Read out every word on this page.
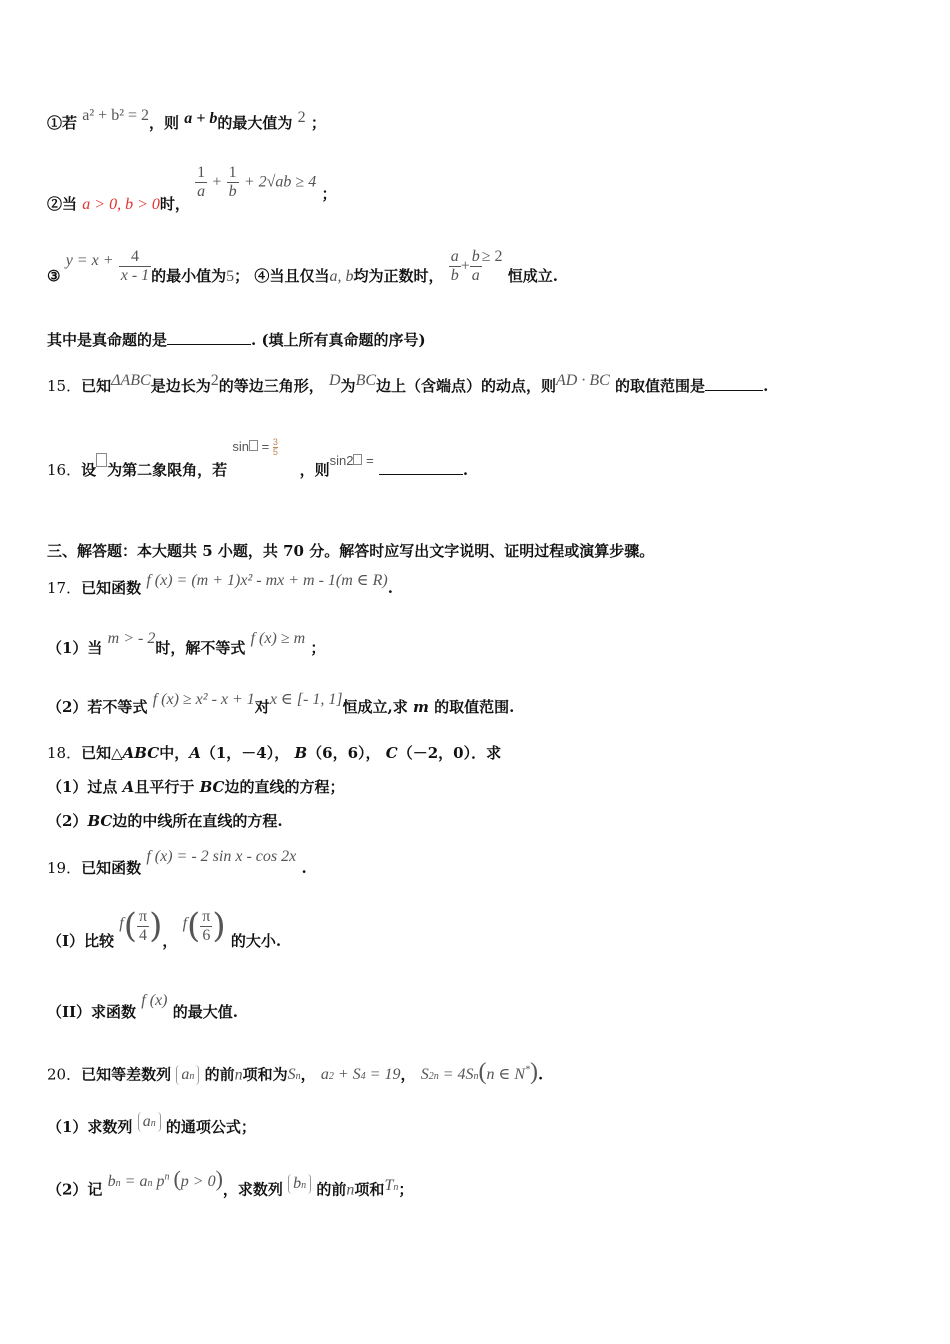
①若 a² + b² = 2，则 a + b的最大值为 2 ；
②当 a > 0, b > 0时，
$\frac{1}{a} + \frac{1}{b} + 2√ab \ge 4$ ；
③ $y = x + \frac{4}{x - 1}$ 的最小值为5； ④当且仅当a, b均为正数时， $\frac{a}{b} + \frac{b}{a} \ge 2$ 恒成立.
其中是真命题的是	. (填上所有真命题的序号)
15．已知ΔABC是边长为2的等边三角形， D为BC边上（含端点）的动点，则AD · BC 的取值范围是	.
16．设 为第二象限角，若 $\sin = \frac{3}{5}$
，则sin2 = .
三、解答题：本大题共 5 小题，共 70 分。解答时应写出文字说明、证明过程或演算步骤。
17．已知函数 f (x) = (m + 1)x² - mx + m - 1(m ∈ R).
（1）当 m > - 2时，解不等式 f (x) ≥ m ；
（2）若不等式 f (x) ≥ x² - x + 1对x ∈ [- 1, 1]恒成立,求 m 的取值范围.
18．已知△ABC中，A（1，－4）， B（6，6）， C（－2，0）．求
（1）过点 A且平行于 BC边的直线的方程；
（2）BC边的中线所在直线的方程.
19．已知函数 f (x) = - 2 sin x - cos 2x .
（I）比较 $f( \frac{\pi}{4}$ )， $f( \frac{\pi}{6}$ ) 的大小.
（II）求函数 f (x) 的最大值.
20．已知等差数列 an 的前n项和为Sn， a2 + S4 = 19， S2n = 4Sn(n ∈ N*).
（1）求数列 an 的通项公式；
（2）记 bn = an $p^n$ (p > 0)，求数列 bn 的前n项和Tn；
